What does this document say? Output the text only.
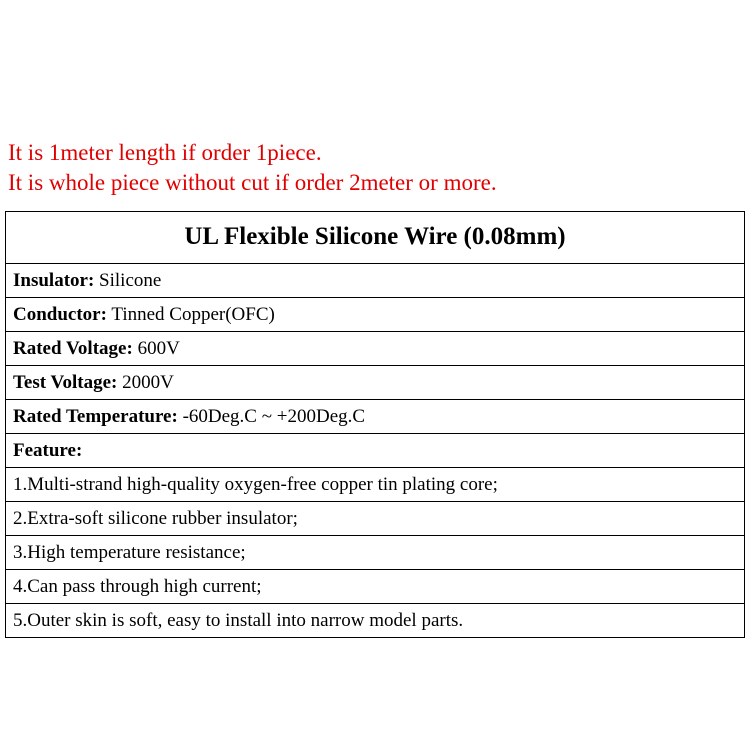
It is 1meter length if order 1piece.
It is whole piece without cut if order 2meter or more.
UL Flexible Silicone Wire (0.08mm)
Insulator: Silicone
Conductor: Tinned Copper(OFC)
Rated Voltage: 600V
Test Voltage: 2000V
Rated Temperature: -60Deg.C ~ +200Deg.C
Feature:
1.Multi-strand high-quality oxygen-free copper tin plating core;
2.Extra-soft silicone rubber insulator;
3.High temperature resistance;
4.Can pass through high current;
5.Outer skin is soft, easy to install into narrow model parts.
